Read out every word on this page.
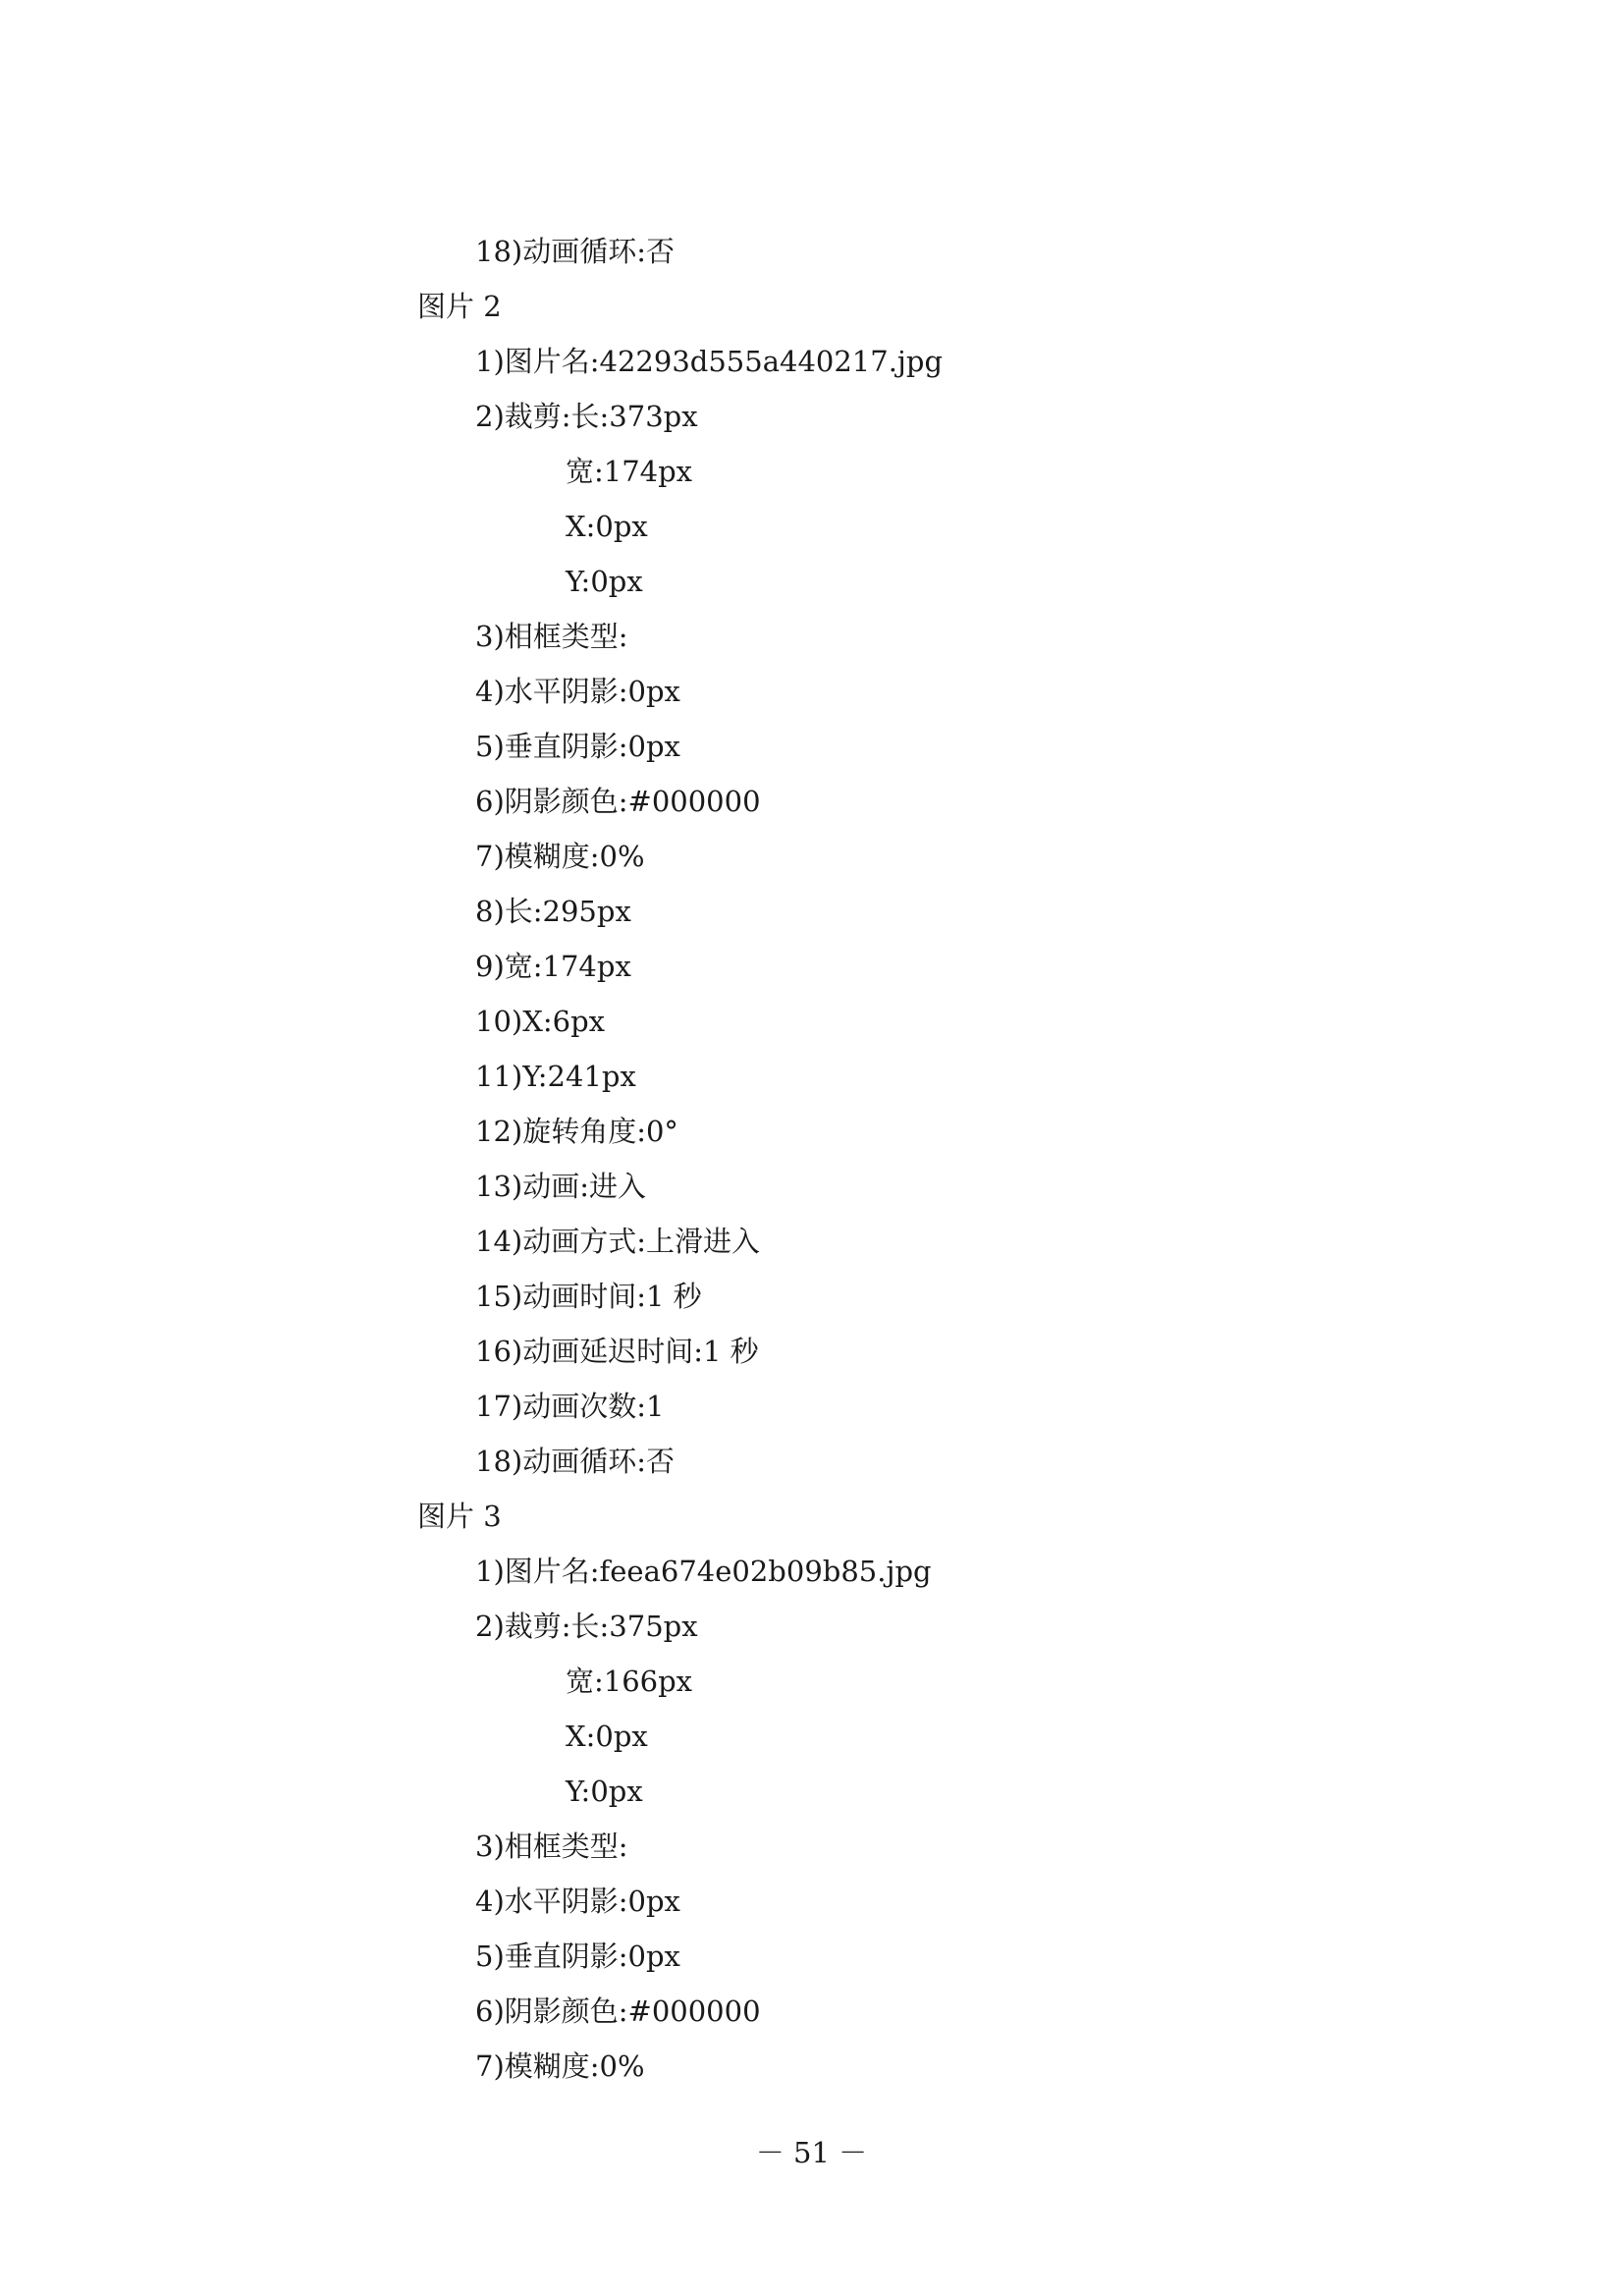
18)动画循环:否
图片 2
1)图片名:42293d555a440217.jpg
2)裁剪:长:373px
宽:174px
X:0px
Y:0px
3)相框类型:
4)水平阴影:0px
5)垂直阴影:0px
6)阴影颜色:#000000
7)模糊度:0%
8)长:295px
9)宽:174px
10)X:6px
11)Y:241px
12)旋转角度:0°
13)动画:进入
14)动画方式:上滑进入
15)动画时间:1 秒
16)动画延迟时间:1 秒
17)动画次数:1
18)动画循环:否
图片 3
1)图片名:feea674e02b09b85.jpg
2)裁剪:长:375px
宽:166px
X:0px
Y:0px
3)相框类型:
4)水平阴影:0px
5)垂直阴影:0px
6)阴影颜色:#000000
7)模糊度:0%
－ 51 －
